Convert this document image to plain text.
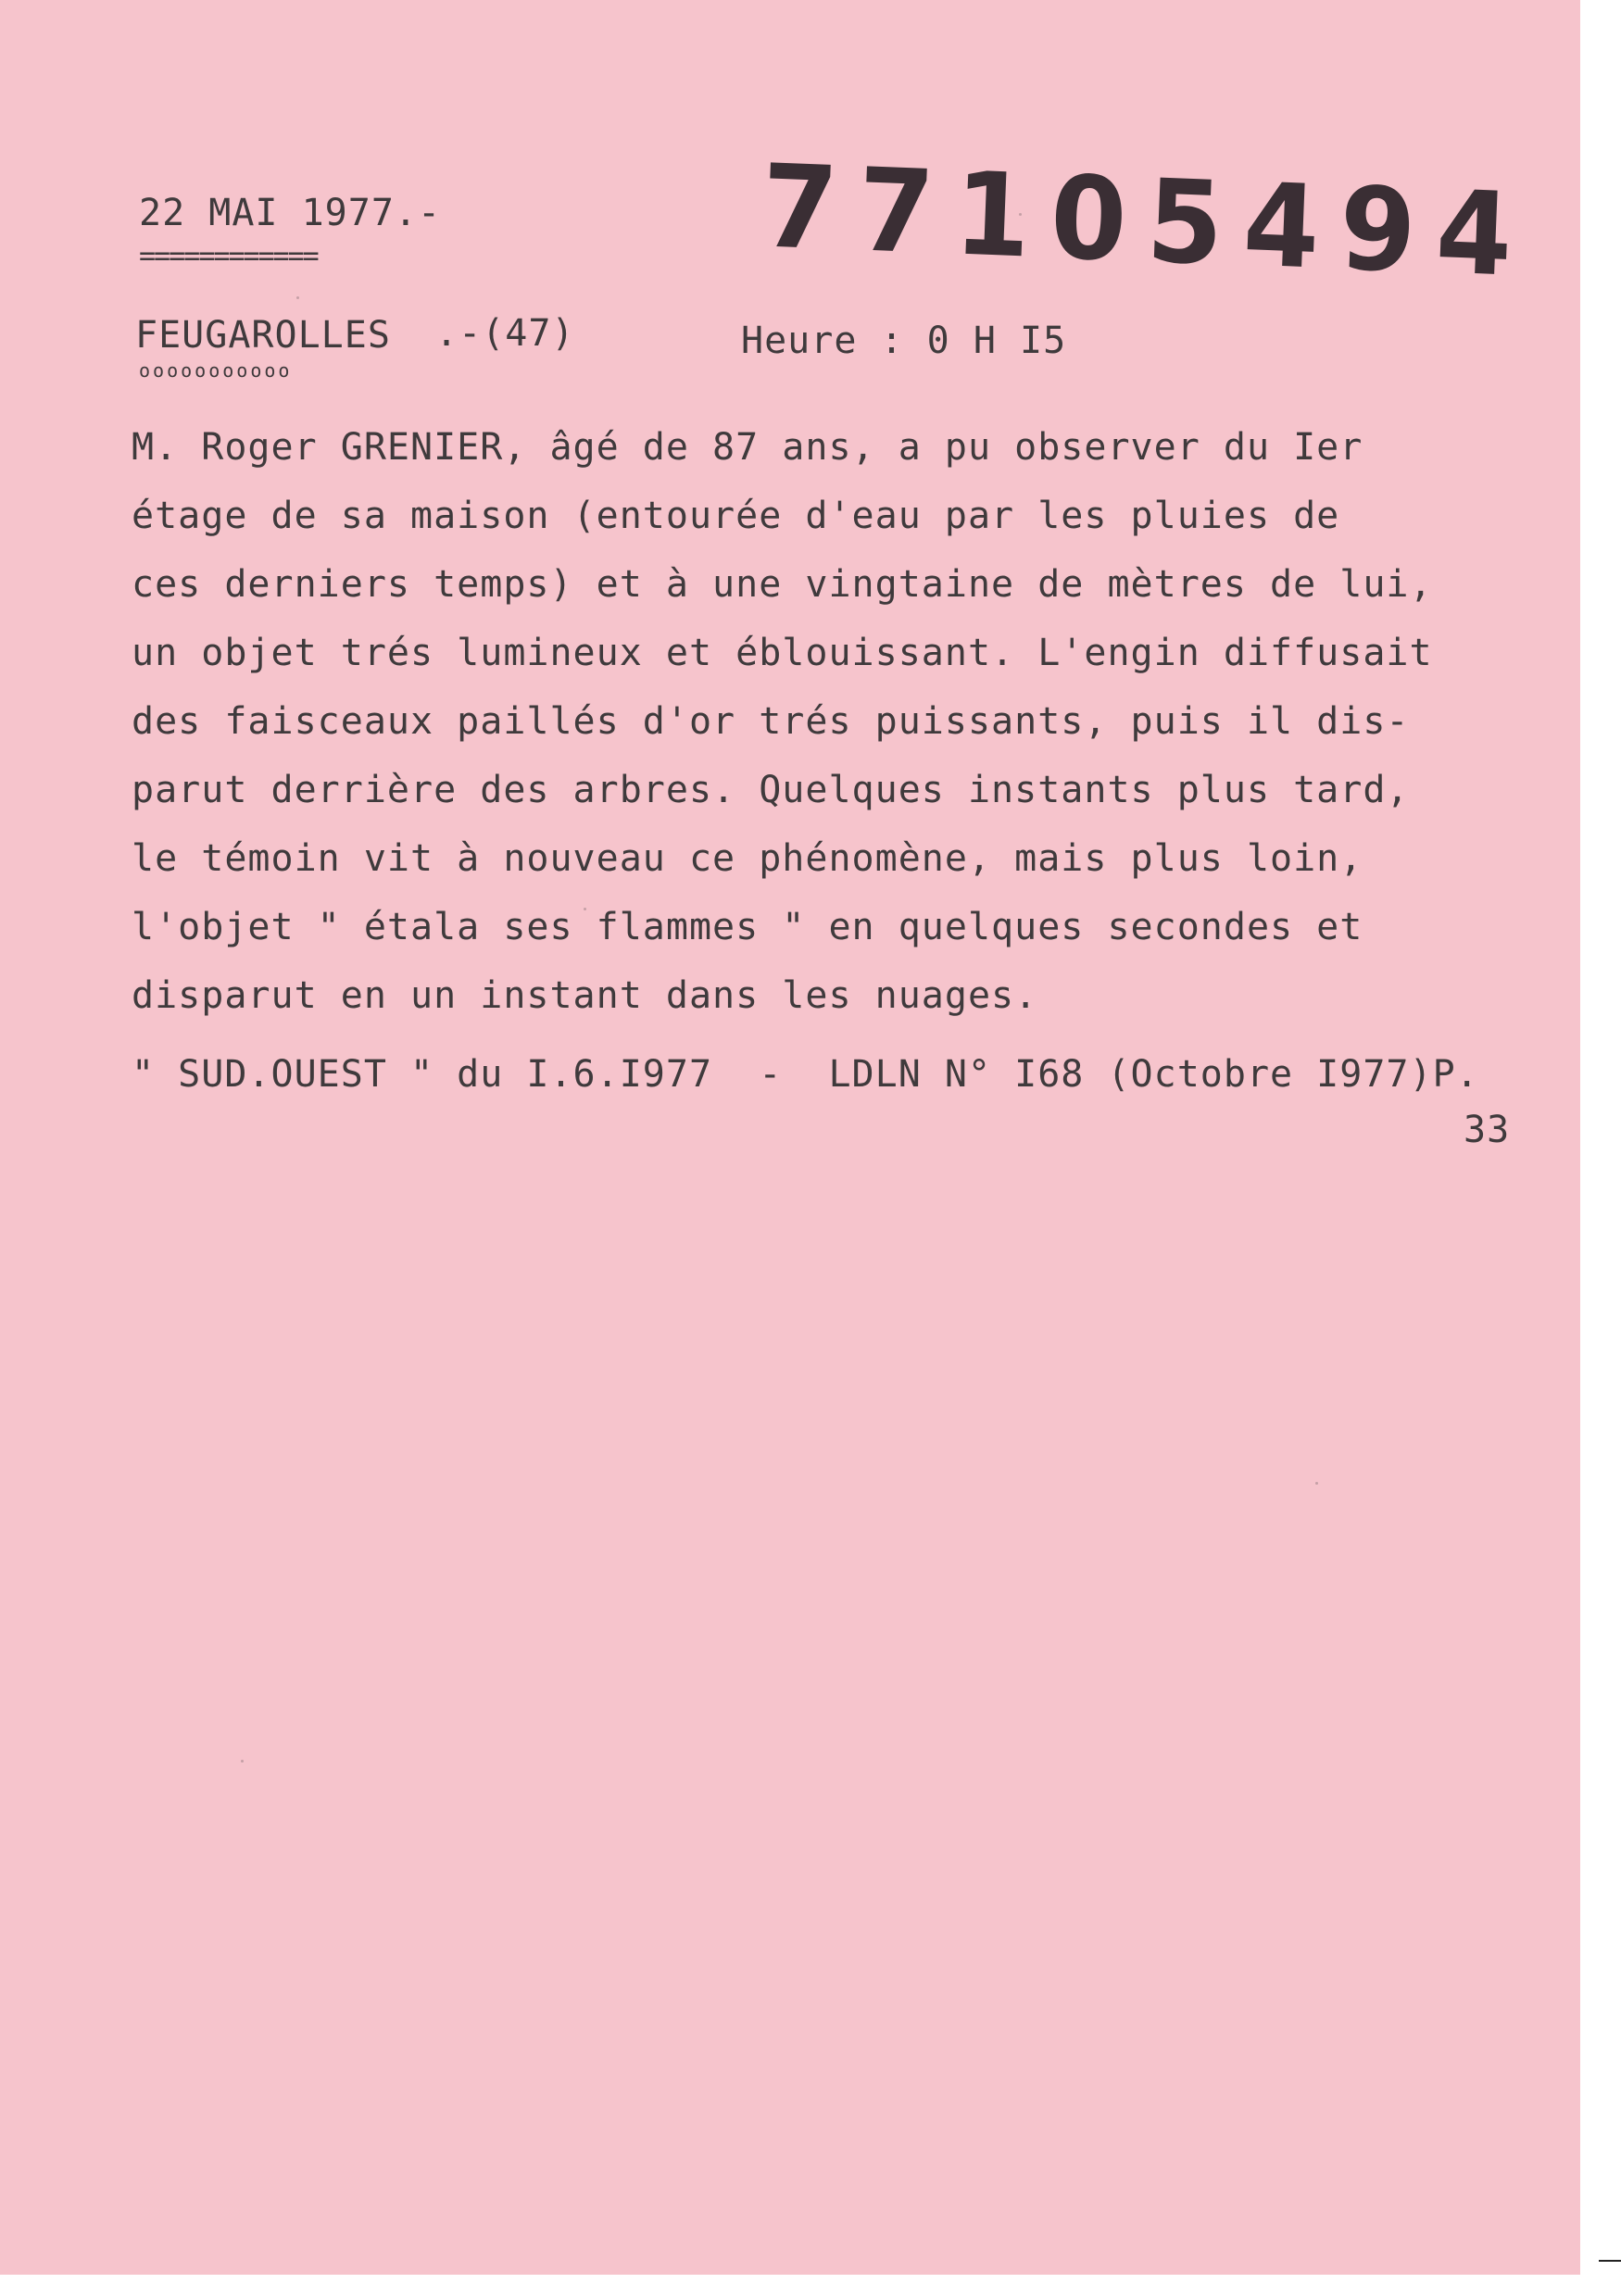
22 MAI 1977.-
============	77105494
FEUGAROLLES .-(47)
ooooooooooo
Heure : 0 H I5
M. Roger GRENIER, âgé de 87 ans, a pu observer du Ier
étage de sa maison (entourée d'eau par les pluies de
ces derniers temps) et à une vingtaine de mètres de lui,
un objet trés lumineux et éblouissant. L'engin diffusait
des faisceaux paillés d'or trés puissants, puis il dis-
parut derrière des arbres. Quelques instants plus tard,
le témoin vit à nouveau ce phénomène, mais plus loin,
l'objet " étala ses flammes " en quelques secondes et
disparut en un instant dans les nuages.
" SUD.OUEST " du I.6.I977  -  LDLN N° I68 (Octobre I977)P.
33
